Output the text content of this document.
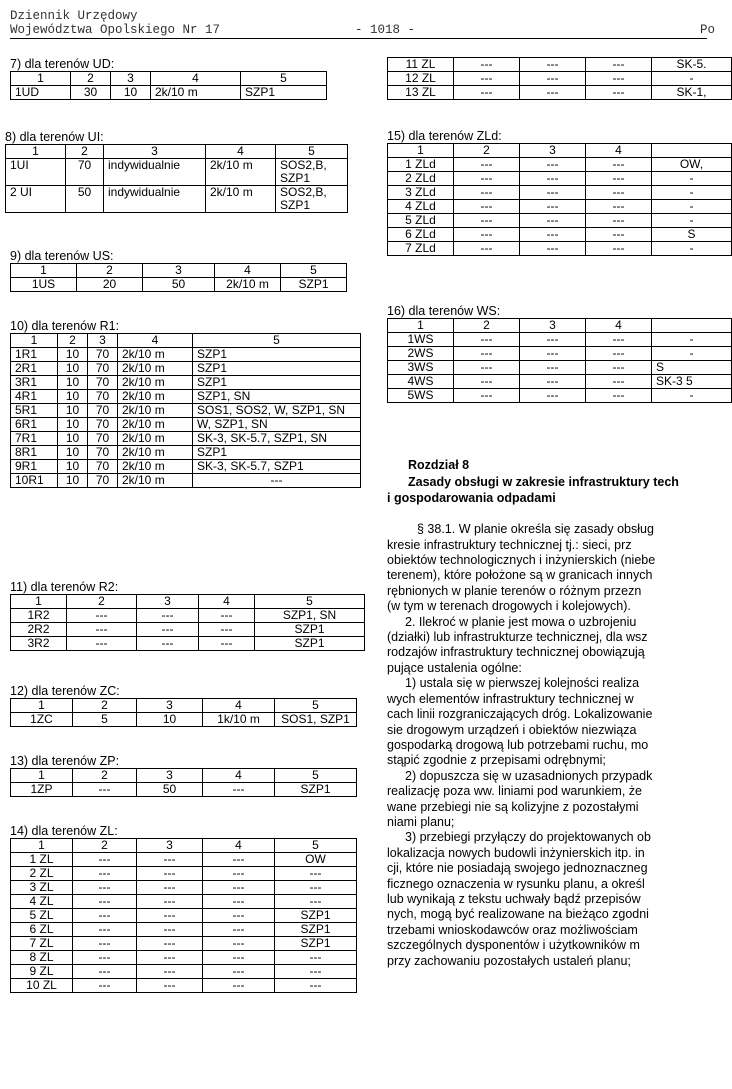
Dziennik Urzędowy
Województwa Opolskiego Nr 17	- 1018 -	Po
7) dla terenów UD:
1	2	3	4	5
1UD	30	10	2k/10 m	SZP1
8) dla terenów UI:
1	2	3	4	5
1UI	70	indywidualnie	2k/10 m	SOS2,B, SZP1
2 UI	50	indywidualnie	2k/10 m	SOS2,B, SZP1
9) dla terenów US:
1	2	3	4	5
1US	20	50	2k/10 m	SZP1
10) dla terenów R1:
1	2	3	4	5
1R1	10	70	2k/10 m	SZP1
2R1	10	70	2k/10 m	SZP1
3R1	10	70	2k/10 m	SZP1
4R1	10	70	2k/10 m	SZP1, SN
5R1	10	70	2k/10 m	SOS1, SOS2, W, SZP1, SN
6R1	10	70	2k/10 m	W, SZP1, SN
7R1	10	70	2k/10 m	SK-3, SK-5.7, SZP1, SN
8R1	10	70	2k/10 m	SZP1
9R1	10	70	2k/10 m	SK-3, SK-5.7, SZP1
10R1	10	70	2k/10 m	---
11) dla terenów R2:
1	2	3	4	5
1R2	---	---	---	SZP1, SN
2R2	---	---	---	SZP1
3R2	---	---	---	SZP1
12) dla terenów ZC:
1	2	3	4	5
1ZC	5	10	1k/10 m	SOS1, SZP1
13) dla terenów ZP:
1	2	3	4	5
1ZP	---	50	---	SZP1
14) dla terenów ZL:
1	2	3	4	5
1 ZL	---	---	---	OW
2 ZL	---	---	---	---
3 ZL	---	---	---	---
4 ZL	---	---	---	---
5 ZL	---	---	---	SZP1
6 ZL	---	---	---	SZP1
7 ZL	---	---	---	SZP1
8 ZL	---	---	---	---
9 ZL	---	---	---	---
10 ZL	---	---	---	---
11 ZL	---	---	---	SK-5.
12 ZL	---	---	---	-
13 ZL	---	---	---	SK-1,
15) dla terenów ZLd:
1	2	3	4	
1 ZLd	---	---	---	OW,
2 ZLd	---	---	---	-
3 ZLd	---	---	---	-
4 ZLd	---	---	---	-
5 ZLd	---	---	---	-
6 ZLd	---	---	---	S
7 ZLd	---	---	---	-
16) dla terenów WS:
1	2	3	4	
1WS	---	---	---	-
2WS	---	---	---	-
3WS	---	---	---	S
4WS	---	---	---	SK-3 5
5WS	---	---	---	-

Rozdział 8

Zasady obsługi w zakresie infrastruktury tech

i gospodarowania odpadami

§ 38.1. W planie określa się zasady obsług

kresie infrastruktury technicznej tj.: sieci, prz

obiektów technologicznych i inżynierskich (niebe

terenem), które położone są w granicach innych

rębnionych w planie terenów o różnym przezn

(w tym w terenach drogowych i kolejowych).

2. Ilekroć w planie jest mowa o uzbrojeniu

(działki) lub infrastrukturze technicznej, dla wsz

rodzajów infrastruktury technicznej obowiązują

pujące ustalenia ogólne:

1) ustala się w pierwszej kolejności realiza

wych elementów infrastruktury technicznej w

cach linii rozgraniczających dróg. Lokalizowanie

sie drogowym urządzeń i obiektów niezwiąza

gospodarką drogową lub potrzebami ruchu, mo

stąpić zgodnie z przepisami odrębnymi;

2) dopuszcza się w uzasadnionych przypadk

realizację poza ww. liniami pod warunkiem, że

wane przebiegi nie są kolizyjne z pozostałymi

niami planu;

3) przebiegi przyłączy do projektowanych ob

lokalizacja nowych budowli inżynierskich itp. in

cji, które nie posiadają swojego jednoznaczneg

ficznego oznaczenia w rysunku planu, a określ

lub wynikają z tekstu uchwały bądź przepisów

nych, mogą być realizowane na bieżąco zgodni

trzebami wnioskodawców oraz możliwościam

szczególnych dysponentów i użytkowników m

przy zachowaniu pozostałych ustaleń planu;
